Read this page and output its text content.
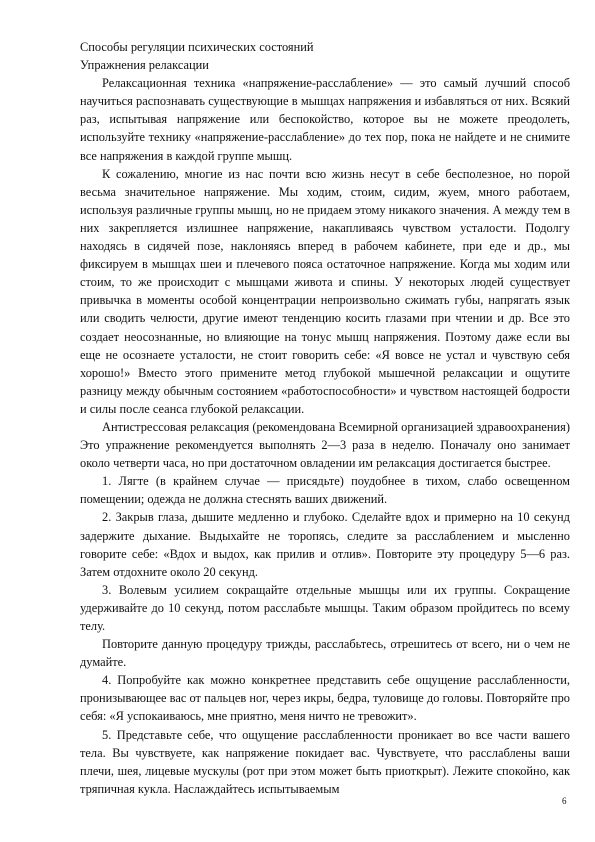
Способы регуляции психических состояний

Упражнения релаксации

Релаксационная техника «напряжение-расслабление» — это самый лучший способ научиться распознавать существующие в мышцах напряжения и избавляться от них. Всякий раз, испытывая напряжение или беспокойство, которое вы не можете преодолеть, используйте технику «напряжение-расслабление» до тех пор, пока не найдете и не снимите все напряжения в каждой группе мышц.

К сожалению, многие из нас почти всю жизнь несут в себе бесполезное, но порой весьма значительное напряжение. Мы ходим, стоим, сидим, жуем, много работаем, используя различные группы мышц, но не придаем этому никакого значения. А между тем в них закрепляется излишнее напряжение, накапливаясь чувством усталости. Подолгу находясь в сидячей позе, наклоняясь вперед в рабочем кабинете, при еде и др., мы фиксируем в мышцах шеи и плечевого пояса остаточное напряжение. Когда мы ходим или стоим, то же происходит с мышцами живота и спины. У некоторых людей существует привычка в моменты особой концентрации непроизвольно сжимать губы, напрягать язык или сводить челюсти, другие имеют тенденцию косить глазами при чтении и др. Все это создает неосознанные, но влияющие на тонус мышц напряжения. Поэтому даже если вы еще не осознаете усталости, не стоит говорить себе: «Я вовсе не устал и чувствую себя хорошо!» Вместо этого примените метод глубокой мышечной релаксации и ощутите разницу между обычным состоянием «работоспособности» и чувством настоящей бодрости и силы после сеанса глубокой релаксации.

Антистрессовая релаксация (рекомендована Всемирной организацией здравоохранения) Это упражнение рекомендуется выполнять 2—3 раза в неделю. Поначалу оно занимает около четверти часа, но при достаточном овладении им релаксация достигается быстрее.

1. Лягте (в крайнем случае — присядьте) поудобнее в тихом, слабо освещенном помещении; одежда не должна стеснять ваших движений.

2. Закрыв глаза, дышите медленно и глубоко. Сделайте вдох и примерно на 10 секунд задержите дыхание. Выдыхайте не торопясь, следите за расслаблением и мысленно говорите себе: «Вдох и выдох, как прилив и отлив». Повторите эту процедуру 5—6 раз. Затем отдохните около 20 секунд.

3. Волевым усилием сокращайте отдельные мышцы или их группы. Сокращение удерживайте до 10 секунд, потом расслабьте мышцы. Таким образом пройдитесь по всему телу.

Повторите данную процедуру трижды, расслабьтесь, отрешитесь от всего, ни о чем не думайте.

4. Попробуйте как можно конкретнее представить себе ощущение расслабленности, пронизывающее вас от пальцев ног, через икры, бедра, туловище до головы. Повторяйте про себя: «Я успокаиваюсь, мне приятно, меня ничто не тревожит».

5. Представьте себе, что ощущение расслабленности проникает во все части вашего тела. Вы чувствуете, как напряжение покидает вас. Чувствуете, что расслаблены ваши плечи, шея, лицевые мускулы (рот при этом может быть приоткрыт). Лежите спокойно, как тряпичная кукла. Наслаждайтесь испытываемым

6
